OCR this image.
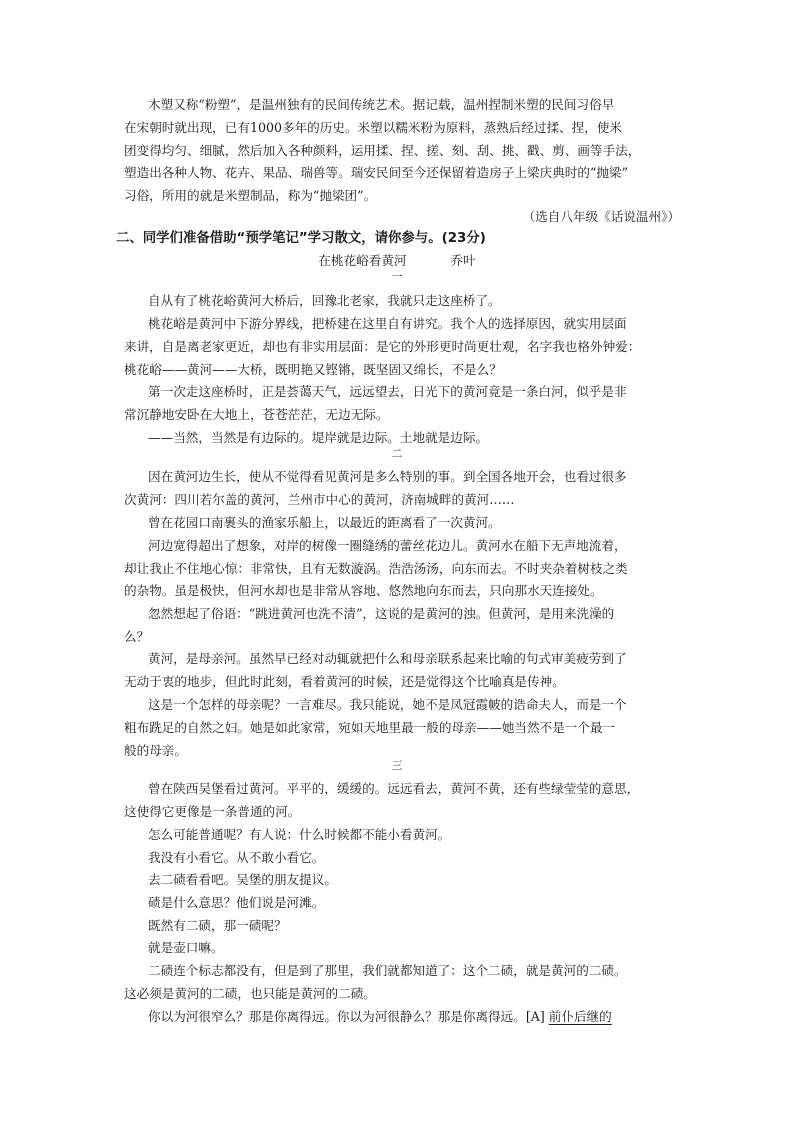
木塑又称“粉塑”，是温州独有的民间传统艺术。据记载，温州捏制米塑的民间习俗早
在宋朝时就出现，已有1000多年的历史。米塑以糯米粉为原料，蒸熟后经过揉、捏，使米
团变得均匀、细腻，然后加入各种颜料，运用揉、捏、搓、刻、刮、挑、戳、剪、画等手法，
塑造出各种人物、花卉、果品、瑞兽等。瑞安民间至今还保留着造房子上梁庆典时的“抛梁”
习俗，所用的就是米塑制品，称为“抛梁团”。
（选自八年级《话说温州》）
二、同学们准备借助“预学笔记”学习散文，请你参与。(23分)
在桃花峪看黄河	乔叶
一
自从有了桃花峪黄河大桥后，回豫北老家，我就只走这座桥了。
桃花峪是黄河中下游分界线，把桥建在这里自有讲究。我个人的选择原因，就实用层面
来讲，自是离老家更近，却也有非实用层面：是它的外形更时尚更壮观，名字我也格外钟爱：
桃花峪——黄河——大桥，既明艳又铿锵，既坚固又绵长，不是么？
第一次走这座桥时，正是荟蔼天气，远远望去，日光下的黄河竟是一条白河，似乎是非
常沉静地安卧在大地上，苍苍茫茫，无边无际。
——当然，当然是有边际的。堤岸就是边际。土地就是边际。
二
因在黄河边生长，使从不觉得看见黄河是多么特别的事。到全国各地开会，也看过很多
次黄河：四川若尔盖的黄河，兰州市中心的黄河，济南城畔的黄河……
曾在花园口南裹头的渔家乐船上，以最近的距离看了一次黄河。
河边宽得超出了想象，对岸的树像一圈缝绣的蕾丝花边儿。黄河水在船下无声地流着，
却让我止不住地心惊：非常快，且有无数漩涡。浩浩汤汤，向东而去。不时夹杂着树枝之类
的杂物。虽是极快，但河水却也是非常从容地、悠然地向东而去，只向那水天连接处。
忽然想起了俗语：“跳进黄河也洗不清”，这说的是黄河的浊。但黄河，是用来洗澡的
么？
黄河，是母亲河。虽然早已经对动辄就把什么和母亲联系起来比喻的句式审美疲劳到了
无动于衷的地步，但此时此刻，看着黄河的时候，还是觉得这个比喻真是传神。
这是一个怎样的母亲呢？一言难尽。我只能说，她不是凤冠霞帔的诰命夫人，而是一个
粗布跣足的自然之妇。她是如此家常，宛如天地里最一般的母亲——她当然不是一个最一
般的母亲。
三
曾在陕西吴堡看过黄河。平平的，缓缓的。远远看去，黄河不黄，还有些绿莹莹的意思，
这使得它更像是一条普通的河。
怎么可能普通呢？有人说：什么时候都不能小看黄河。
我没有小看它。从不敢小看它。
去二碛看看吧。吴堡的朋友提议。
碛是什么意思？他们说是河滩。
既然有二碛，那一碛呢？
就是壶口嘛。
二碛连个标志都没有，但是到了那里，我们就都知道了：这个二碛，就是黄河的二碛。
这必须是黄河的二碛，也只能是黄河的二碛。
你以为河很窄么？那是你离得远。你以为河很静么？那是你离得远。[A] 前仆后继的
